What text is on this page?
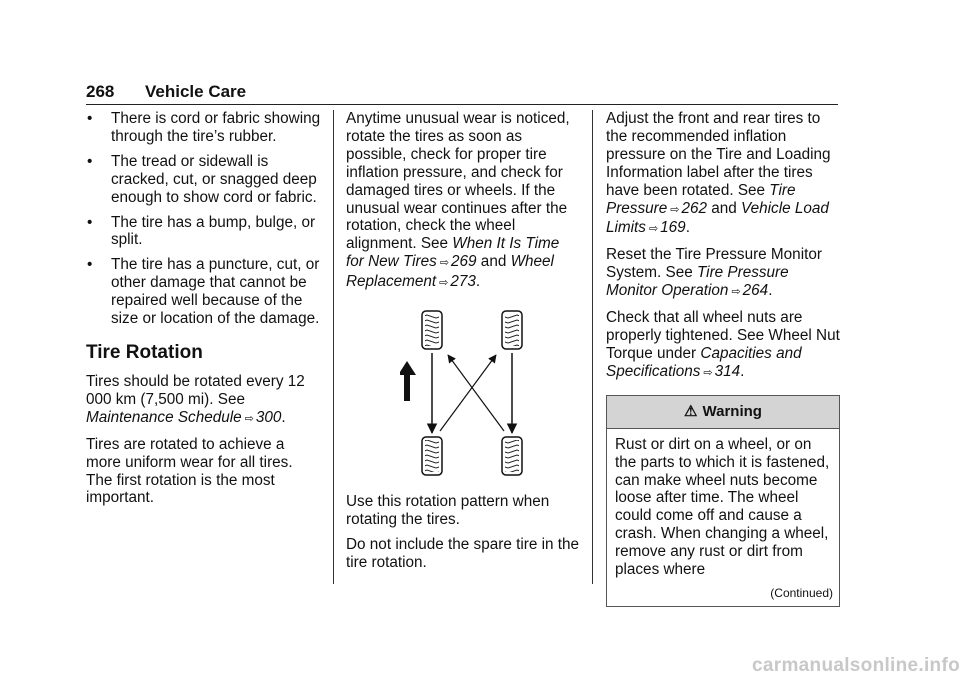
268 Vehicle Care
• There is cord or fabric showing through the tire’s rubber.
• The tread or sidewall is cracked, cut, or snagged deep enough to show cord or fabric.
• The tire has a bump, bulge, or split.
• The tire has a puncture, cut, or other damage that cannot be repaired well because of the size or location of the damage.
Tire Rotation

Tires should be rotated every 12 000 km (7,500 mi). See Maintenance Schedule ⇨ 300.

Tires are rotated to achieve a more uniform wear for all tires. The first rotation is the most important.

Anytime unusual wear is noticed, rotate the tires as soon as possible, check for proper tire inflation pressure, and check for damaged tires or wheels. If the unusual wear continues after the rotation, check the wheel alignment. See When It Is Time for New Tires ⇨ 269 and Wheel Replacement ⇨ 273.

Use this rotation pattern when rotating the tires.

Do not include the spare tire in the tire rotation.

Adjust the front and rear tires to the recommended inflation pressure on the Tire and Loading Information label after the tires have been rotated. See Tire Pressure ⇨ 262 and Vehicle Load Limits ⇨ 169.

Reset the Tire Pressure Monitor System. See Tire Pressure Monitor Operation ⇨ 264.

Check that all wheel nuts are properly tightened. See Wheel Nut Torque under Capacities and Specifications ⇨ 314.

⚠ Warning

Rust or dirt on a wheel, or on the parts to which it is fastened, can make wheel nuts become loose after time. The wheel could come off and cause a crash. When changing a wheel, remove any rust or dirt from places where

(Continued)
carmanualsonline.info
